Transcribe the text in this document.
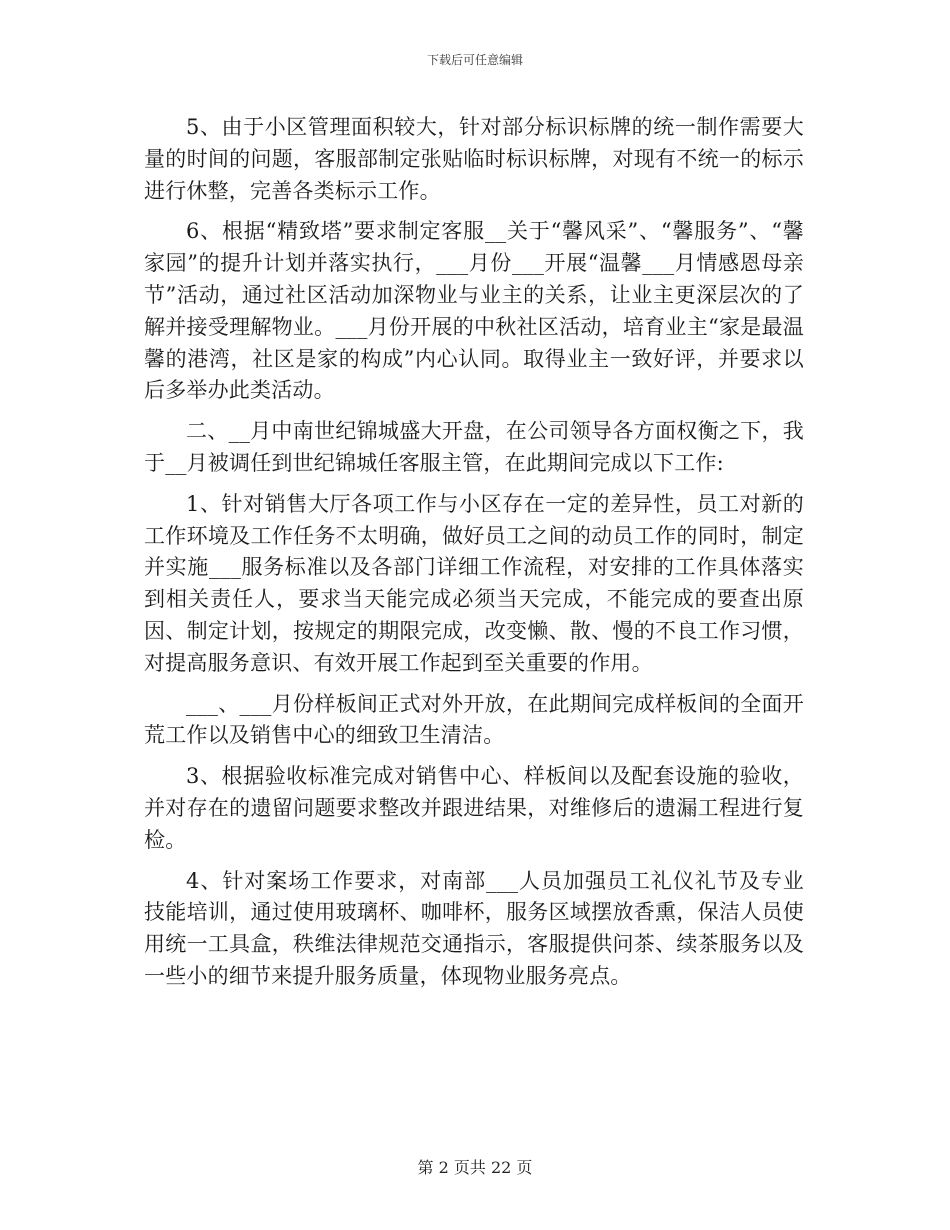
下载后可任意编辑

5、由于小区管理面积较大，针对部分标识标牌的统一制作需要大量的时间的问题，客服部制定张贴临时标识标牌，对现有不统一的标示进行休整，完善各类标示工作。

6、根据“精致塔”要求制定客服__关于“馨风采”、“馨服务”、“馨家园”的提升计划并落实执行，___月份___开展“温馨___月情感恩母亲节”活动，通过社区活动加深物业与业主的关系，让业主更深层次的了解并接受理解物业。___月份开展的中秋社区活动，培育业主“家是最温馨的港湾，社区是家的构成”内心认同。取得业主一致好评，并要求以后多举办此类活动。

二、__月中南世纪锦城盛大开盘，在公司领导各方面权衡之下，我于__月被调任到世纪锦城任客服主管，在此期间完成以下工作:

1、针对销售大厅各项工作与小区存在一定的差异性，员工对新的工作环境及工作任务不太明确，做好员工之间的动员工作的同时，制定并实施___服务标准以及各部门详细工作流程，对安排的工作具体落实到相关责任人，要求当天能完成必须当天完成，不能完成的要查出原因、制定计划，按规定的期限完成，改变懒、散、慢的不良工作习惯，对提高服务意识、有效开展工作起到至关重要的作用。

___、___月份样板间正式对外开放，在此期间完成样板间的全面开荒工作以及销售中心的细致卫生清洁。

3、根据验收标准完成对销售中心、样板间以及配套设施的验收，并对存在的遗留问题要求整改并跟进结果，对维修后的遗漏工程进行复检。

4、针对案场工作要求，对南部___人员加强员工礼仪礼节及专业技能培训，通过使用玻璃杯、咖啡杯，服务区域摆放香熏，保洁人员使用统一工具盒，秩维法律规范交通指示，客服提供问茶、续茶服务以及一些小的细节来提升服务质量，体现物业服务亮点。

第 2 页共 22 页
